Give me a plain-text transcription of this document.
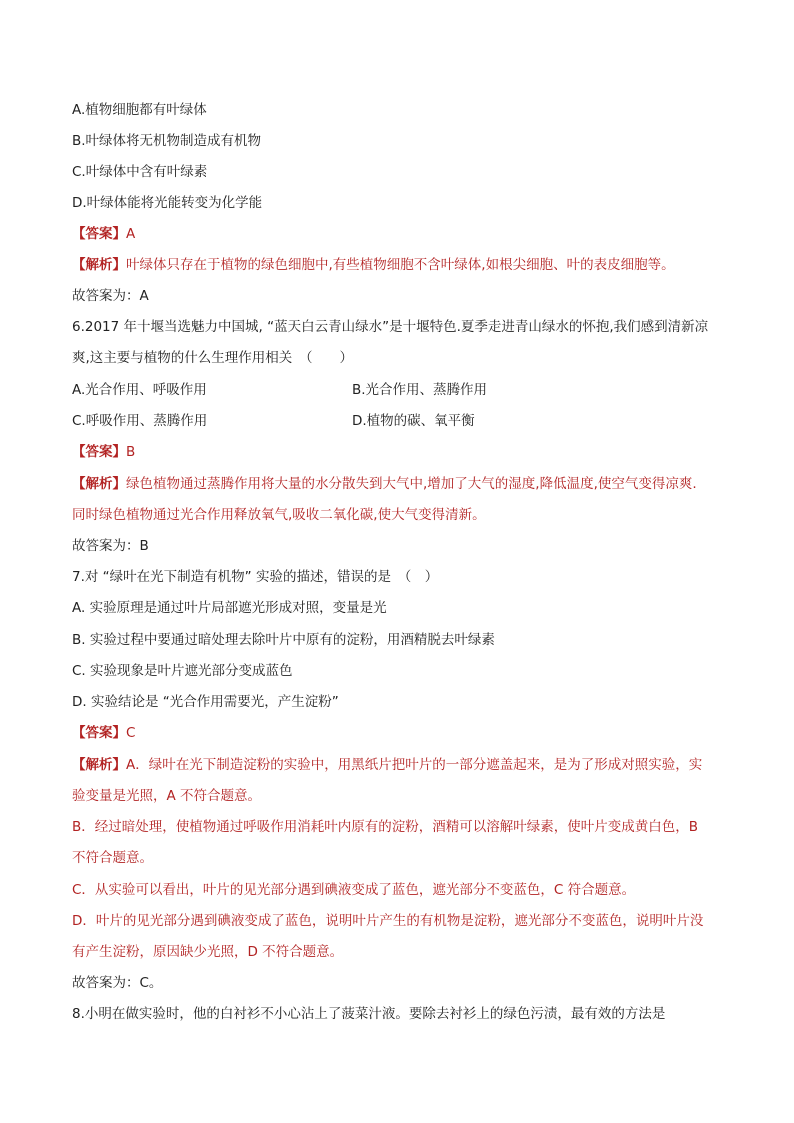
A.植物细胞都有叶绿体
B.叶绿体将无机物制造成有机物
C.叶绿体中含有叶绿素
D.叶绿体能将光能转变为化学能
【答案】A
【解析】叶绿体只存在于植物的绿色细胞中,有些植物细胞不含叶绿体,如根尖细胞、叶的表皮细胞等。
故答案为：A
6.2017 年十堰当选魅力中国城, “蓝天白云青山绿水”是十堰特色.夏季走进青山绿水的怀抱,我们感到清新凉
爽,这主要与植物的什么生理作用相关　（　　）
A.光合作用、呼吸作用	B.光合作用、蒸腾作用
C.呼吸作用、蒸腾作用	D.植物的碳、氧平衡
【答案】B
【解析】绿色植物通过蒸腾作用将大量的水分散失到大气中,增加了大气的湿度,降低温度,使空气变得凉爽.
同时绿色植物通过光合作用释放氧气,吸收二氧化碳,使大气变得清新。
故答案为：B
7.对 “绿叶在光下制造有机物” 实验的描述，错误的是　（　）
A. 实验原理是通过叶片局部遮光形成对照，变量是光
B. 实验过程中要通过暗处理去除叶片中原有的淀粉，用酒精脱去叶绿素
C. 实验现象是叶片遮光部分变成蓝色
D. 实验结论是 “光合作用需要光，产生淀粉”
【答案】C
【解析】A．绿叶在光下制造淀粉的实验中，用黑纸片把叶片的一部分遮盖起来，是为了形成对照实验，实
验变量是光照，A 不符合题意。
B．经过暗处理，使植物通过呼吸作用消耗叶内原有的淀粉，酒精可以溶解叶绿素，使叶片变成黄白色，B
不符合题意。
C．从实验可以看出，叶片的见光部分遇到碘液变成了蓝色，遮光部分不变蓝色，C 符合题意。
D．叶片的见光部分遇到碘液变成了蓝色，说明叶片产生的有机物是淀粉，遮光部分不变蓝色，说明叶片没
有产生淀粉，原因缺少光照，D 不符合题意。
故答案为：C。
8.小明在做实验时，他的白衬衫不小心沾上了菠菜汁液。要除去衬衫上的绿色污渍，最有效的方法是
